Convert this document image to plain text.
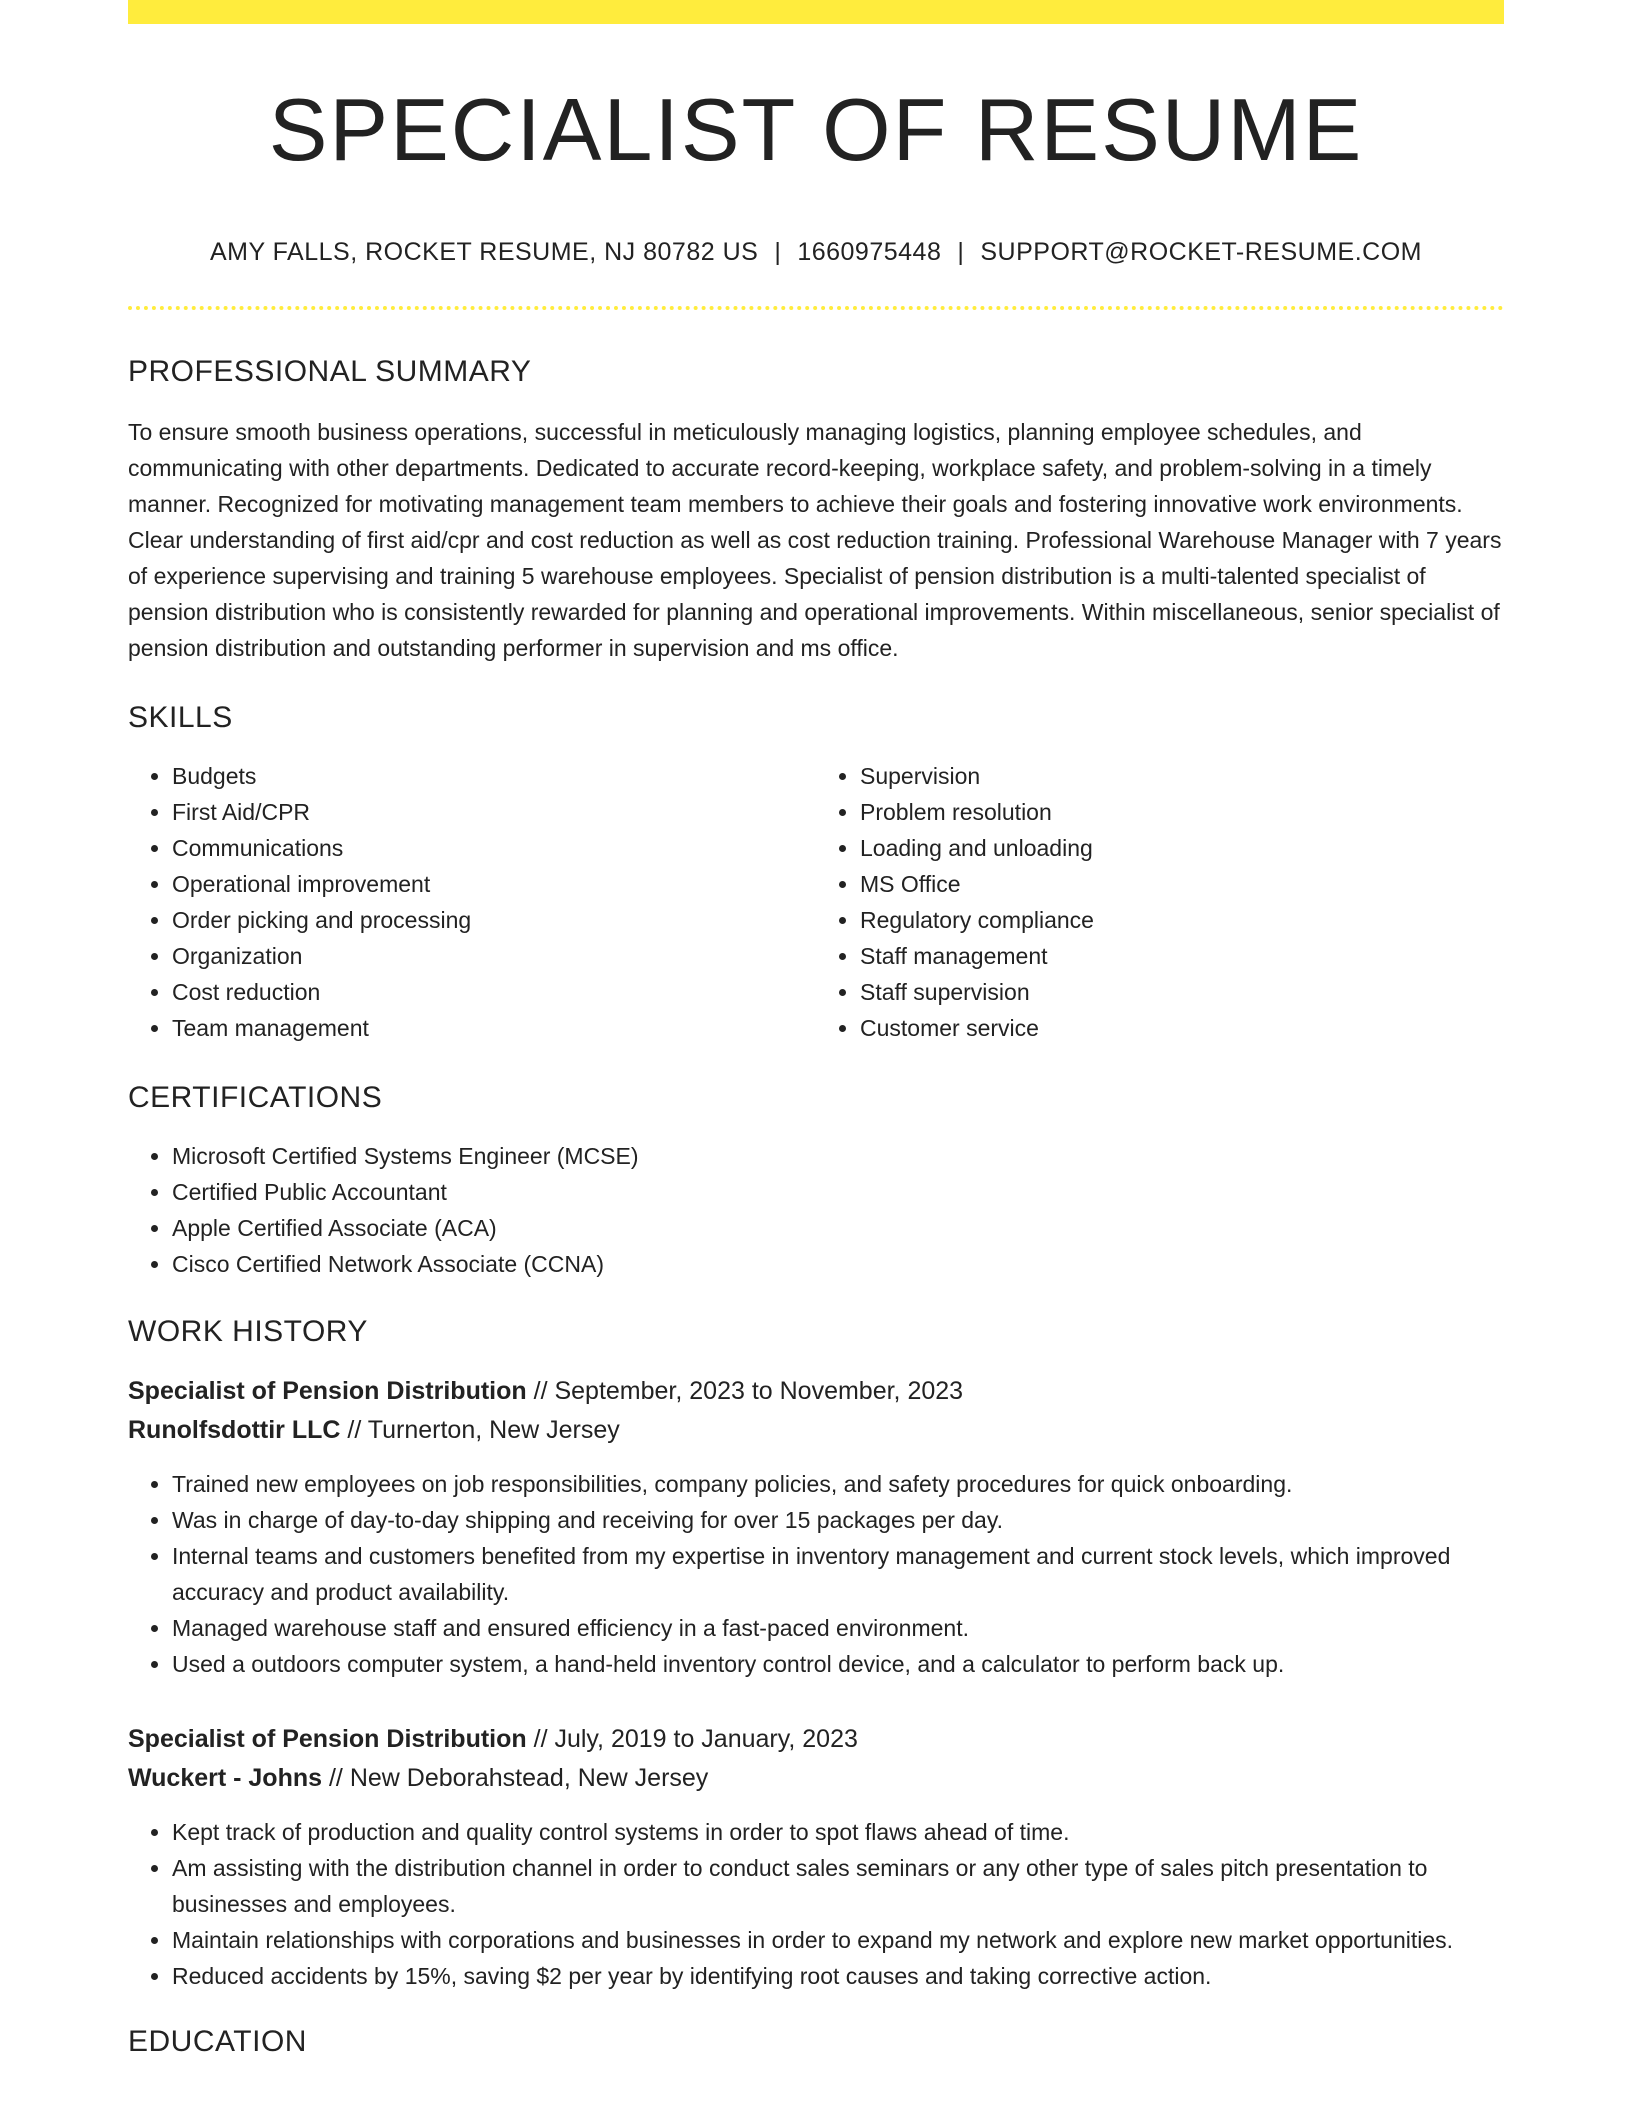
SPECIALIST OF RESUME
AMY FALLS, ROCKET RESUME, NJ 80782 US | 1660975448 | SUPPORT@ROCKET-RESUME.COM
PROFESSIONAL SUMMARY

To ensure smooth business operations, successful in meticulously managing logistics, planning employee schedules, and communicating with other departments. Dedicated to accurate record-keeping, workplace safety, and problem-solving in a timely manner. Recognized for motivating management team members to achieve their goals and fostering innovative work environments. Clear understanding of first aid/cpr and cost reduction as well as cost reduction training. Professional Warehouse Manager with 7 years of experience supervising and training 5 warehouse employees. Specialist of pension distribution is a multi-talented specialist of pension distribution who is consistently rewarded for planning and operational improvements. Within miscellaneous, senior specialist of pension distribution and outstanding performer in supervision and ms office.

SKILLS
• Budgets
• First Aid/CPR
• Communications
• Operational improvement
• Order picking and processing
• Organization
• Cost reduction
• Team management
• Supervision
• Problem resolution
• Loading and unloading
• MS Office
• Regulatory compliance
• Staff management
• Staff supervision
• Customer service
CERTIFICATIONS
• Microsoft Certified Systems Engineer (MCSE)
• Certified Public Accountant
• Apple Certified Associate (ACA)
• Cisco Certified Network Associate (CCNA)
WORK HISTORY
Specialist of Pension Distribution // September, 2023 to November, 2023
Runolfsdottir LLC // Turnerton, New Jersey
• Trained new employees on job responsibilities, company policies, and safety procedures for quick onboarding.
• Was in charge of day-to-day shipping and receiving for over 15 packages per day.
• Internal teams and customers benefited from my expertise in inventory management and current stock levels, which improved accuracy and product availability.
• Managed warehouse staff and ensured efficiency in a fast-paced environment.
• Used a outdoors computer system, a hand-held inventory control device, and a calculator to perform back up.
Specialist of Pension Distribution // July, 2019 to January, 2023
Wuckert - Johns // New Deborahstead, New Jersey
• Kept track of production and quality control systems in order to spot flaws ahead of time.
• Am assisting with the distribution channel in order to conduct sales seminars or any other type of sales pitch presentation to businesses and employees.
• Maintain relationships with corporations and businesses in order to expand my network and explore new market opportunities.
• Reduced accidents by 15%, saving $2 per year by identifying root causes and taking corrective action.
EDUCATION
